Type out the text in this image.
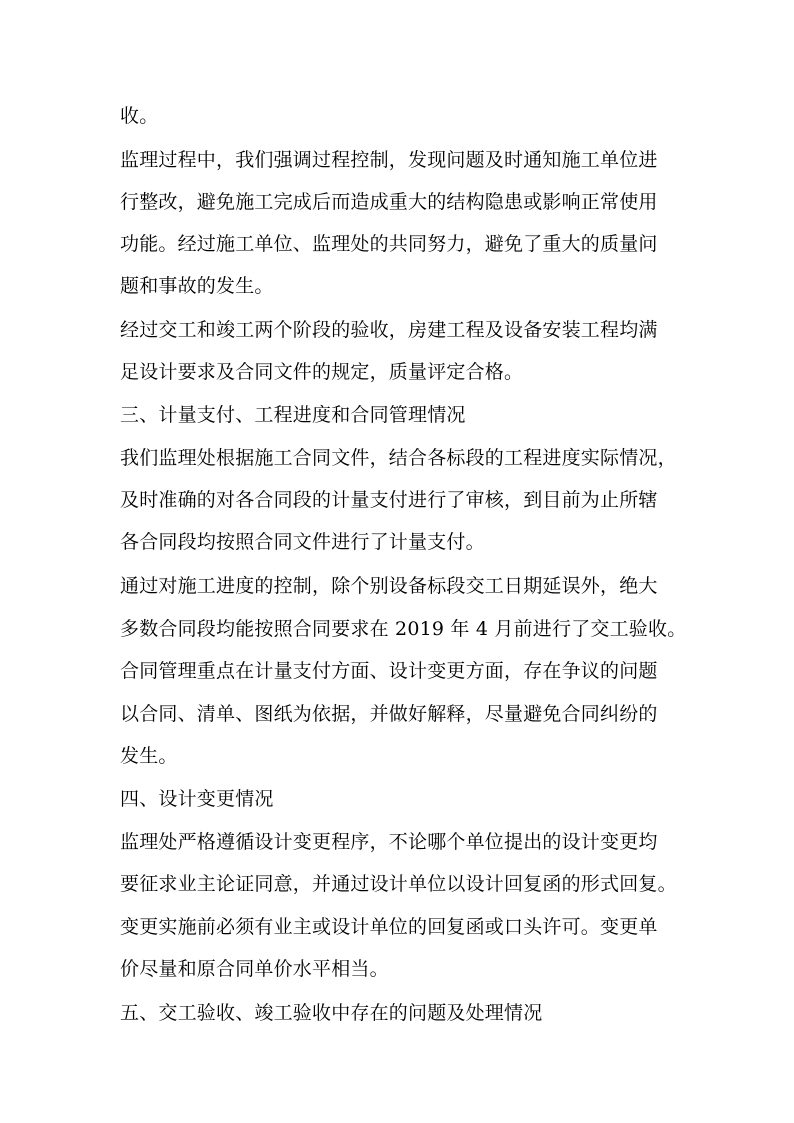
收。
监理过程中，我们强调过程控制，发现问题及时通知施工单位进
行整改，避免施工完成后而造成重大的结构隐患或影响正常使用
功能。经过施工单位、监理处的共同努力，避免了重大的质量问
题和事故的发生。
经过交工和竣工两个阶段的验收，房建工程及设备安装工程均满
足设计要求及合同文件的规定，质量评定合格。
三、计量支付、工程进度和合同管理情况
我们监理处根据施工合同文件，结合各标段的工程进度实际情况，
及时准确的对各合同段的计量支付进行了审核，到目前为止所辖
各合同段均按照合同文件进行了计量支付。
通过对施工进度的控制，除个别设备标段交工日期延误外，绝大
多数合同段均能按照合同要求在 2019 年 4 月前进行了交工验收。
合同管理重点在计量支付方面、设计变更方面，存在争议的问题
以合同、清单、图纸为依据，并做好解释，尽量避免合同纠纷的
发生。
四、设计变更情况
监理处严格遵循设计变更程序，不论哪个单位提出的设计变更均
要征求业主论证同意，并通过设计单位以设计回复函的形式回复。
变更实施前必须有业主或设计单位的回复函或口头许可。变更单
价尽量和原合同单价水平相当。
五、交工验收、竣工验收中存在的问题及处理情况
